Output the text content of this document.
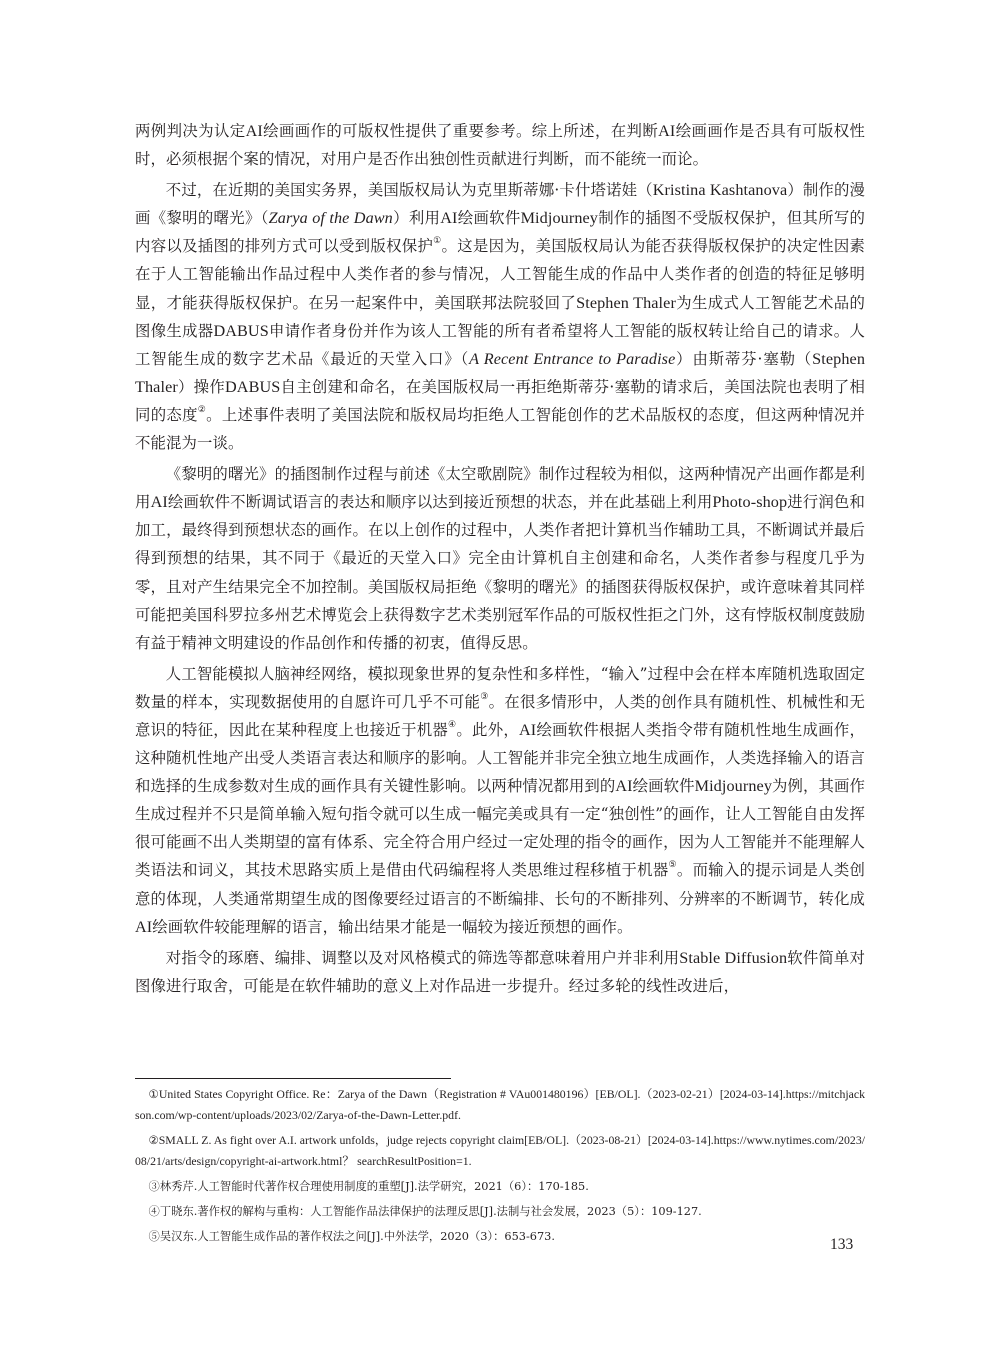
两例判决为认定AI绘画画作的可版权性提供了重要参考。综上所述，在判断AI绘画画作是否具有可版权性时，必须根据个案的情况，对用户是否作出独创性贡献进行判断，而不能统一而论。

不过，在近期的美国实务界，美国版权局认为克里斯蒂娜·卡什塔诺娃（Kristina Kashtanova）制作的漫画《黎明的曙光》（Zarya of the Dawn）利用AI绘画软件Midjourney制作的插图不受版权保护，但其所写的内容以及插图的排列方式可以受到版权保护①。这是因为，美国版权局认为能否获得版权保护的决定性因素在于人工智能输出作品过程中人类作者的参与情况，人工智能生成的作品中人类作者的创造的特征足够明显，才能获得版权保护。在另一起案件中，美国联邦法院驳回了Stephen Thaler为生成式人工智能艺术品的图像生成器DABUS申请作者身份并作为该人工智能的所有者希望将人工智能的版权转让给自己的请求。人工智能生成的数字艺术品《最近的天堂入口》（A Recent Entrance to Paradise）由斯蒂芬·塞勒（Stephen Thaler）操作DABUS自主创建和命名，在美国版权局一再拒绝斯蒂芬·塞勒的请求后，美国法院也表明了相同的态度②。上述事件表明了美国法院和版权局均拒绝人工智能创作的艺术品版权的态度，但这两种情况并不能混为一谈。

《黎明的曙光》的插图制作过程与前述《太空歌剧院》制作过程较为相似，这两种情况产出画作都是利用AI绘画软件不断调试语言的表达和顺序以达到接近预想的状态，并在此基础上利用Photo-shop进行润色和加工，最终得到预想状态的画作。在以上创作的过程中，人类作者把计算机当作辅助工具，不断调试并最后得到预想的结果，其不同于《最近的天堂入口》完全由计算机自主创建和命名，人类作者参与程度几乎为零，且对产生结果完全不加控制。美国版权局拒绝《黎明的曙光》的插图获得版权保护，或许意味着其同样可能把美国科罗拉多州艺术博览会上获得数字艺术类别冠军作品的可版权性拒之门外，这有悖版权制度鼓励有益于精神文明建设的作品创作和传播的初衷，值得反思。

人工智能模拟人脑神经网络，模拟现象世界的复杂性和多样性，“输入”过程中会在样本库随机选取固定数量的样本，实现数据使用的自愿许可几乎不可能③。在很多情形中，人类的创作具有随机性、机械性和无意识的特征，因此在某种程度上也接近于机器④。此外，AI绘画软件根据人类指令带有随机性地生成画作，这种随机性地产出受人类语言表达和顺序的影响。人工智能并非完全独立地生成画作，人类选择输入的语言和选择的生成参数对生成的画作具有关键性影响。以两种情况都用到的AI绘画软件Midjourney为例，其画作生成过程并不只是简单输入短句指令就可以生成一幅完美或具有一定“独创性”的画作，让人工智能自由发挥很可能画不出人类期望的富有体系、完全符合用户经过一定处理的指令的画作，因为人工智能并不能理解人类语法和词义，其技术思路实质上是借由代码编程将人类思维过程移植于机器⑤。而输入的提示词是人类创意的体现，人类通常期望生成的图像要经过语言的不断编排、长句的不断排列、分辨率的不断调节，转化成AI绘画软件较能理解的语言，输出结果才能是一幅较为接近预想的画作。

对指令的琢磨、编排、调整以及对风格模式的筛选等都意味着用户并非利用Stable Diffusion软件简单对图像进行取舍，可能是在软件辅助的意义上对作品进一步提升。经过多轮的线性改进后，

①United States Copyright Office. Re：Zarya of the Dawn（Registration # VAu001480196）[EB/OL].（2023-02-21）[2024-03-14].https://mitchjackson.com/wp-content/uploads/2023/02/Zarya-of-the-Dawn-Letter.pdf.

②SMALL Z. As fight over A.I. artwork unfolds，judge rejects copyright claim[EB/OL].（2023-08-21）[2024-03-14].https://www.nytimes.com/2023/08/21/arts/design/copyright-ai-artwork.html？ searchResultPosition=1.

③林秀芹.人工智能时代著作权合理使用制度的重塑[J].法学研究，2021（6）：170-185.

④丁晓东.著作权的解构与重构：人工智能作品法律保护的法理反思[J].法制与社会发展，2023（5）：109-127.

⑤吴汉东.人工智能生成作品的著作权法之问[J].中外法学，2020（3）：653-673.	133
